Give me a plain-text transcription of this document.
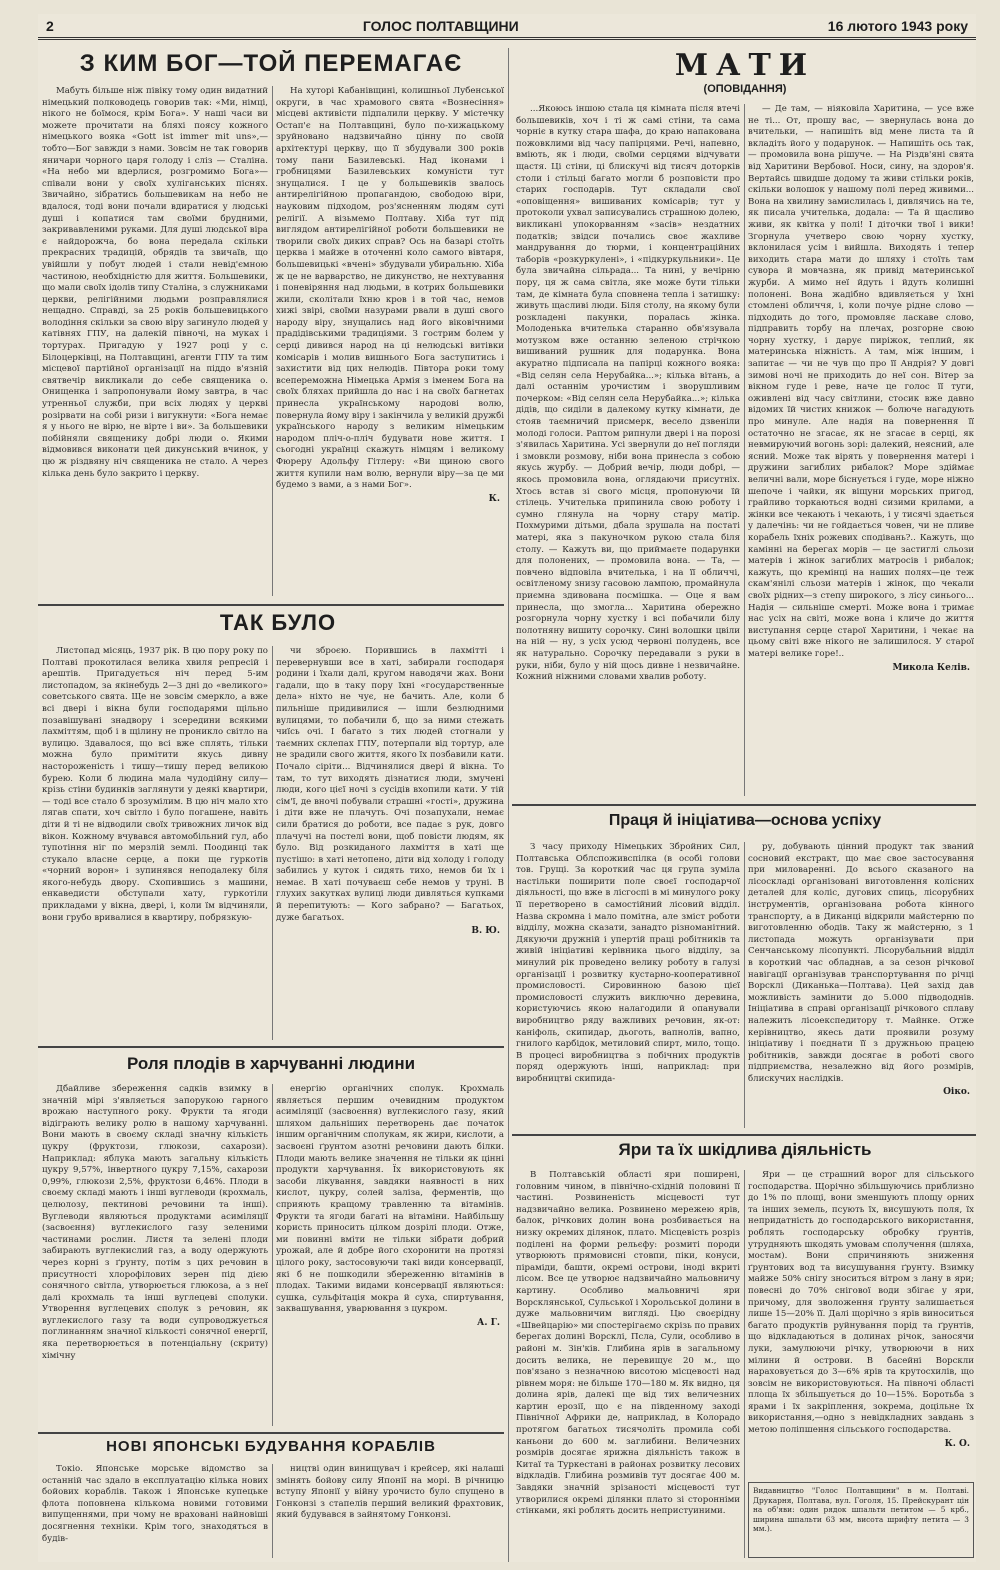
2	ГОЛОС ПОЛТАВЩИНИ	16 лютого 1943 року
З КИМ БОГ—ТОЙ ПЕРЕМАГАЄ
Мабуть більше ніж півіку тому один видатний німецький полководець говорив так: «Ми, німці, нікого не боїмося, крім Бога». У наші часи ви можете прочитати на бляхі поясу кожного німецького вояка «Gott ist immer mit uns»,—тобто—Бог завжди з нами. Зовсім не так говорив яничари чорного царя голоду і сліз — Сталіна. «На небо ми вдерлися, розгромимо Бога»—співали вони у своїх хуліганських піснях. Звичайно, зібратись большевикам на небо не вдалося, тоді вони почали вдиратися у людські душі і копатися там своїми брудними, закривавленими руками. Для душі людської віра є найдорожча, бо вона передала скільки прекрасних традицій, обрядів та звичаїв, що увійшли у побут людей і стали невід'ємною частиною, необхідністю для життя. Большевики, що мали своїх ідолів типу Сталіна, з служниками церкви, релігійними людьми розправлялися нещадно. Справді, за 25 років большевицького володіння скільки за свою віру загинуло людей у катівнях ГПУ, на далекій півночі, на муках і тортурах. Пригадую у 1927 році у с. Білоцерківці, на Полтавщині, агенти ГПУ та тим місцевої партійної організації на піддо в'язній святвечір викликали до себе священика о. Онищенка і запропонували йому завтра, в час утренньої служби, при всіх людях у церкві розірвати на собі ризи і вигукнути: «Бога немає я у нього не вірю, не вірте і ви». За большевики побійняли священику добрі люди о. Якими відмовився виконати цей дикунський вчинок, у цю ж різдвяну ніч священика не стало. А через кілька день було закрито і церкву.
На хуторі Кабанівщині, колишньої Лубенської округи, в час храмового свята «Вознесіння» місцеві активісти підпалили церкву. У містечку Остап'є на Полтавщині, було по-хижацькому зруйновано надзвичайно цінну по своїй архітектурі церкву, що її збудували 300 років тому пани Базилевські. Над іконами і гробницями Базилевських комуністи тут знущалися. І це у большевиків звалось антирелігійною пропагандою, свободою віри, науковим підходом, роз'ясненням людям суті релігії. А візьмемо Полтаву. Хіба тут під виглядом антирелігійної роботи большевики не творили своїх диких справ? Ось на базарі стоїть церква і майже в оточенні коло самого вівтаря, большевицькі «вчені» збудували убиральню. Хіба ж це не варварство, не дикунство, не нехтування і поневіряння над людьми, в котрих большевики жили, сколітали їхню кров і в той час, немов хижі звірі, своїми назурами рвали в душі свого народу віру, знущались над його віковічними прадідівськими традиціями. З гострим болем у серці дивився народ на ці нелюдські витівки комісарів і молив вишнього Бога заступитись і захистити від цих нелюдів. Півтора роки тому всепереможна Німецька Армія з іменем Бога на своїх бляхах прийшла до нас і на своїх багнетах принесла українському народові волю, повернула йому віру і закінчила у великій дружбі українського народу з великим німецьким народом пліч-о-пліч будувати нове життя. І сьогодні українці скажуть німцям і великому Фюреру Адольфу Гітлеру: «Ви щиною свого життя купили нам волю, вернули віру—за це ми будемо з вами, а з нами Бог».
К.
ТАК БУЛО
Листопад місяць, 1937 рік. В цю пору року по Полтаві прокотилася велика хвиля репресій і арештів. Пригадується ніч перед 5-им листопадом, за якінебудь 2—3 дні до «великого» советського свята. Ще не зовсім смеркло, а вже всі двері і вікна були господарями щільно позавішувані знадвору і зсередини всякими лахміттям, щоб і в щілину не проникло світло на вулицю. Здавалося, що всі вже сплять, тільки можна було примітити якусь дивну настороженість і тишу—тишу перед великою бурею. Коли б людина мала чудодійну силу—крізь стіни будинків заглянути у деякі квартири, — тоді все стало б зрозумілим. В цю ніч мало хто лягав спати, хоч світло і було погашене, навіть діти й ті не відводили своїх тривожних личок від вікон. Кожному вчувався автомобільний гул, або тупотіння ніг по мерзлій землі. Поодинці так стукало власне серце, а поки ще гуркотів «чорний ворон» і зупинявся неподалеку біля якого-небудь двору. Схопившись з машини, енкаведисти обступали хату, гуркотіли прикладами у вікна, двері, і, коли їм відчиняли, вони грубо вривалися в квартиру, побрязкую-
чи зброєю. Порившись в лахмітті і перевернувши все в хаті, забирали господаря родини і їхали далі, кругом наводячи жах. Вони гадали, що в таку пору їхні «государственные дела» ніхто не чує, не бачить. Але, коли б пильніше придивилися — ішли безлюдними вулицями, то побачили б, що за ними стежать чиїсь очі. І багато з тих людей стогнали у таємних склепах ГПУ, потерпали від тортур, але не зрадили свого життя, якого їх позбавили кати. Почало сіріти... Відчинялися двері й вікна. То там, то тут виходять дізнатися люди, змучені люди, кого цієї ночі з сусідів вхопили кати. У тій сім'ї, де вночі побували страшні «гості», дружина і діти вже не плачуть. Очі позапухали, немає сили братися до роботи, все падає з рук, довго плачучі на постелі вони, щоб повісти людям, як було. Від розкиданого лахміття в хаті ще пустішо: в хаті нетопено, діти від холоду і голоду забились у куток і сидять тихо, немов би їх і немає. В хаті почуваєш себе немов у труні. В глухих закутках вулиці люди дивляться купками й перепитують: — Кого забрано? — Багатьох, дуже багатьох.
В. Ю.
Роля плодів в харчуванні людини
Дбайливе збереження садків взимку в значній мірі з'являється запорукою гарного врожаю наступного року. Фрукти та ягоди відіграють велику ролю в нашому харчуванні. Вони мають в своєму складі значну кількість цукру (фруктози, глюкози, сахарози). Наприклад: яблука мають загальну кількість цукру 9,57%, інвертного цукру 7,15%, сахарози 0,99%, глюкози 2,5%, фруктози 6,46%. Плоди в своєму складі мають і інші вуглеводи (крохмаль, целюлозу, пектинові речовини та інші). Вуглеводи являються продуктами асиміляції (засвоєння) вуглекислого газу зеленими частинами рослин. Листя та зелені плоди забирають вуглекислий газ, а воду одержують через корні з ґрунту, потім з цих речовин в присутності хлорофілових зерен під дією сонячного світла, утворюється глюкоза, а з неї далі крохмаль та інші вуглецеві сполуки. Утворення вуглецевих сполук з речовин, як вуглекислого газу та води супроводжується поглинанням значної кількості сонячної енергії, яка перетворюється в потенціальну (скриту) хімічну
енергію органічних сполук. Крохмаль являється першим очевидним продуктом асиміляції (засвоєння) вуглекислого газу, який шляхом дальніших перетворень дає початок іншим органічним сполукам, як жири, кислоти, а засвоєні ґрунтом азотні речовини дають білки. Плоди мають велике значення не тільки як цінні продукти харчування. Їх використовують як засоби лікування, завдяки наявності в них кислот, цукру, солей заліза, ферментів, що сприяють кращому травленню та вітамінів. Фрукти та ягоди багаті на вітаміни. Найбільшу користь приносить цілком дозрілі плоди. Отже, ми повинні вміти не тільки зібрати добрий урожай, але й добре його схоронити на протязі цілого року, застосовуючи такі види консервації, які б не пошкодили збереженню вітамінів в плодах. Такими видами консервації являються: сушка, сульфітація мокра й суха, спиртування, заквашування, уварювання з цукром.
А. Г.
НОВІ ЯПОНСЬКІ БУДУВАННЯ КОРАБЛІВ
Токіо. Японське морське відомство за останній час здало в експлуатацію кілька нових бойових кораблів. Також і Японське купецьке флота поповнена кількома новими готовими випущеннями, при чому не враховані найновіші досягнення техніки. Крім того, знаходяться в будів-
ництві один винищувач і крейсер, які налаші змінять бойову силу Японії на морі. В річницю вступу Японії у війну урочисто було спущено в Гонконзі з стапелів перший великий фрахтовик, який будувався в зайнятому Гонконзі.
МАТИ

(ОПОВІДАННЯ)

...Якоюсь іншою стала ця кімната після втечі большевиків, хоч і ті ж самі стіни, та сама чорніє в кутку стара шафа, до краю напакована пожовклими від часу папірцями. Речі, напевно, вміють, як і люди, своїми серцями відчувати щастя. Ці стіни, ці блискучі від тисяч доторків столи і стільці багато могли б розповісти про старих господарів. Тут складали свої «оповіщення» вишиваних комісарів; тут у протоколи ухвал записувались страшною долею, викликані упокорванням «засів» нездатних податків; звідси почались своє жахливе мандрування до тюрми, і концентраційних таборів «розкуркулені», і «підкуркульники». Це була звичайна сільрада... Та нині, у вечірню пору, ця ж сама світла, яке може бути тільки там, де кімната була сповнена тепла і затишку: живуть щасливі люди. Біля столу, на якому були розкладені пакунки, поралась жінка. Молоденька вчителька старанно обв'язувала мотузком вже останню зеленою стрічкою вишиваний рушник для подарунка. Вона акуратно підписала на папірці кожного вояка: «Від селян села Нерубайка...»; кілька вітань, а далі останнім урочистим і зворушливим почерком: «Від селян села Нерубайка...»; кілька дідів, що сиділи в далекому кутку кімнати, де стояв таємничий присмерк, весело дзвеніли молоді голоси. Раптом рипнули двері і на порозі з'явилась Харитина. Усі звернули до неї погляди і змовкли розмову, ніби вона принесла з собою якусь журбу. — Добрий вечір, люди добрі, — якось промовила вона, оглядаючи присутніх. Хтось встав зі свого місця, пропонуючи їй стілець. Учителька припинила свою роботу і сумно глянула на чорну стару матір. Похмурими дітьми, дбала зрушала на постаті матері, яка з пакуночком рукою стала біля столу. — Кажуть ви, що приймаєте подарунки для полонених, — промовила вона. — Та, — повчено відповіла вчителька, і на її обличчі, освітленому знизу гасовою лампою, промайнула приємна здивована посмішка. — Оце я вам принесла, що змогла... Харитина обережно розгорнула чорну хустку і всі побачили білу полотняну вишиту сорочку. Сині волошки цвіли на ній — ну, з усіх усюд червоні полудень, все як натурально. Сорочку передавали з руки в руки, ніби, було у ній щось дивне і незвичайне. Кожний ніжними словами хвалив роботу.
— Де там, — ніяковіла Харитина, — усе вже не ті... От, прошу вас, — звернулась вона до вчительки, — напишіть від мене листа та й вкладіть його у подарунок. — Напишіть ось так, — промовила вона рішуче. — На Різдв'яні свята від Харитини Вербової. Носи, сину, на здоров'я. Вертайсь швидше додому та живи стільки років, скільки волошок у нашому полі перед живими... Вона на хвилину замислилась і, дивлячись на те, як писала учителька, додала: — Та й щасливо живи, як квітка у полі! І діточки твої і вики! Згорнула учетверо свою чорну хустку, вклонилася усім і вийшла. Виходять і тепер виходить стара мати до шляху і стоїть там сувора й мовчазна, як привід материнської журби. А мимо неї йдуть і йдуть колишні полонені. Вона жадібно вдивляється у їхні стомлені обличчя, і, коли почуе рідне слово — підходить до того, промовляє ласкаве слово, підправить торбу на плечах, розгорне свою чорну хустку, і дарує пиріжок, теплий, як материнська ніжність. А там, між іншим, і запитає — чи не чув що про її Андрія? У довгі зимові ночі не приходить до неї сон. Вітер за вікном гуде і реве, наче це голос її туги, оживлені від часу світлини, стосик вже давно відомих їй чистих книжок — болюче нагадують про минуле. Але надія на повернення її остаточно не згасає, як не згасає в серці, як невмируючий вогонь зорі: далекий, неясний, але ясний. Може так вірять у повернення матері і дружини загиблих рибалок? Море здіймає величні вали, море біснується і гуде, море ніжно шепоче і чайки, як віщуни морських пригод, грайливо торкаються водні сизими крилами, а жінки все чекають і чекають, і у тисячі здається у далечінь: чи не гойдається човен, чи не пливе корабель їхніх рожевих сподівань?.. Кажуть, що камінні на берегах морів — це застиглі сльози матерів і жінок загиблих матросів і рибалок; кажуть, що кремінці на наших полях—це теж скам'янілі сльози матерів і жінок, що чекали своїх рідних—з степу широкого, з лісу синього... Надія — сильніше смерті. Може вона і тримає нас усіх на світі, може вона і кличе до життя виступання серце старої Харитини, і чекає на цьому світі вже нікого не залишилося. У старої матері велике горе!..
Микола Келів.
Праця й ініціатива—основа успіху
З часу приходу Німецьких Збройних Сил, Полтавська Облспоживспілка (в особі голови тов. Грущі. За короткий час ця група зуміла настільки поширити поле своєї господарчої діяльності, що вже в лісгоспі в мі минулого року її перетворено в самостійний лісовий відділ. Назва скромна і мало помітна, але зміст роботи відділу, можна сказати, занадто різноманітний. Дякуючи дружній і упертій праці робітників та живій ініціативі керівника цього відділу, за минулий рік проведено велику роботу в галузі організації і розвитку кустарно-кооперативної промисловості. Сировинною базою цієї промисловості служить виключно деревина, користуючись якою налагодили й опанували виробництво ряду важливих речовин, як-от: каніфоль, скипидар, дьоготь, вапнолів, вапно, гнилого карбідок, метиловий спирт, мило, тощо. В процесі виробництва з побічних продуктів поряд одержують інші, наприклад: при виробництві скипида-
ру, добувають цінний продукт так званий сосновий екстракт, що має свое застосування при миловаренні. До всього сказаного на лісоскладі організовані виготовлення колісних деталей для коліс, дугових спиць, лісорубних інструментів, організована робота кінного транспорту, а в Диканці відкрили майстерню по виготовленню ободів. Таку ж майстерню, з 1 листопада можуть організувати при Сенчанському лісопункті. Лісорубальний відділ в короткий час обладнав, а за сезон річкової навігації організував транспортування по річці Ворсклі (Диканька—Полтава). Цей захід дав можливість замінити до 5.000 підвододнів. Ініціатива в справі організації річкового сплаву належить лісоекспедитору т. Майнке. Отже керівництво, якесь дати проявили розуму ініціативу і поєднати її з дружньою працею робітників, завжди досягає в роботі свого підприємства, незалежно від його розмірів, блискучих наслідків.
Оіко.
Яри та їх шкідлива діяльність
В Полтавській області яри поширені, головним чином, в північно-східній половині її частині. Розвиненість місцевості тут надзвичайно велика. Розвинено мережею ярів, балок, річкових долин вона розбивається на низку окремих ділянок, плато. Місцевість розріз поділені на форми рельєфу: розмиті породи утворюють прямовисні стовпи, піки, конуси, піраміди, башти, окремі острови, іноді вкриті лісом. Все це утворює надзвичайно мальовничу картину. Особливо мальовничі яри Ворсклянської, Сульської і Хорольської долини в дуже мальовничим вигляді. Цю своєрідну «Швейцарію» ми спостерігаємо скрізь по правих берегах долині Ворсклі, Псла, Сули, особливо в районі м. Зін'ків. Глибина ярів в загальному досить велика, не перевищує 20 м., що пов'язано з незначною висотою місцевості над рівнем моря: не більше 170—180 м. Як видно, ця долина ярів, далекі ще від тих величезних картин ерозії, що є на південному заході Північної Африки де, наприклад, в Колорадо протягом багатьох тисячоліть промила собі каньони до 600 м. заглибини. Величезних розмірів досягає ярижна діяльність також в Китаї та Туркестані в районах розвитку лесових відкладів. Глибина розмивів тут досягає 400 м. Завдяки значній зрізаності місцевості тут утворилися окремі ділянки плато зі сторонніми стінками, які роблять досить непристуиними.
Яри — це страшний ворог для сільського господарства. Щорічно збільшуючись приблизно до 1% по площі, вони зменшують площу орних та інших земель, псують їх, висушують поля, їх непридатність до господарського використання, роблять господарську обробку ґрунтів, утрудняють шкодять умовам сполучення (шляха, мостам). Вони спричиняють зниження ґрунтових вод та висушування ґрунту. Взимку майже 50% снігу зноситься вітром з лану в яри; повесні до 70% снігової води збігає у яри, причому, для зволоження ґрунту залишається лише 15—20% її. Далі щорічно з ярів виноситься багато продуктів руйнування порід та ґрунтів, що відкладаються в долинах річок, заносячи луки, замулюючи річку, утворюючи в них мілини й острови. В басейні Ворскли нараховується до 3—6% ярів та крутосхилів, що зовсім не використовуються. На півночі області площа їх збільшується до 10—15%. Боротьба з ярами і їх закріплення, зокрема, доцільне їх використання,—одно з невідкладних завдань з метою поліпшення сільського господарства.
К. О.
Видавництво "Голос Полтавщини" в м. Полтаві. Друкарня, Полтава, вул. Гоголя, 15. Прейскурант цін на об'яви: один рядок шпальти петитом — 5 крб., ширина шпальти 63 мм, висота шрифту петита — 3 мм.).
